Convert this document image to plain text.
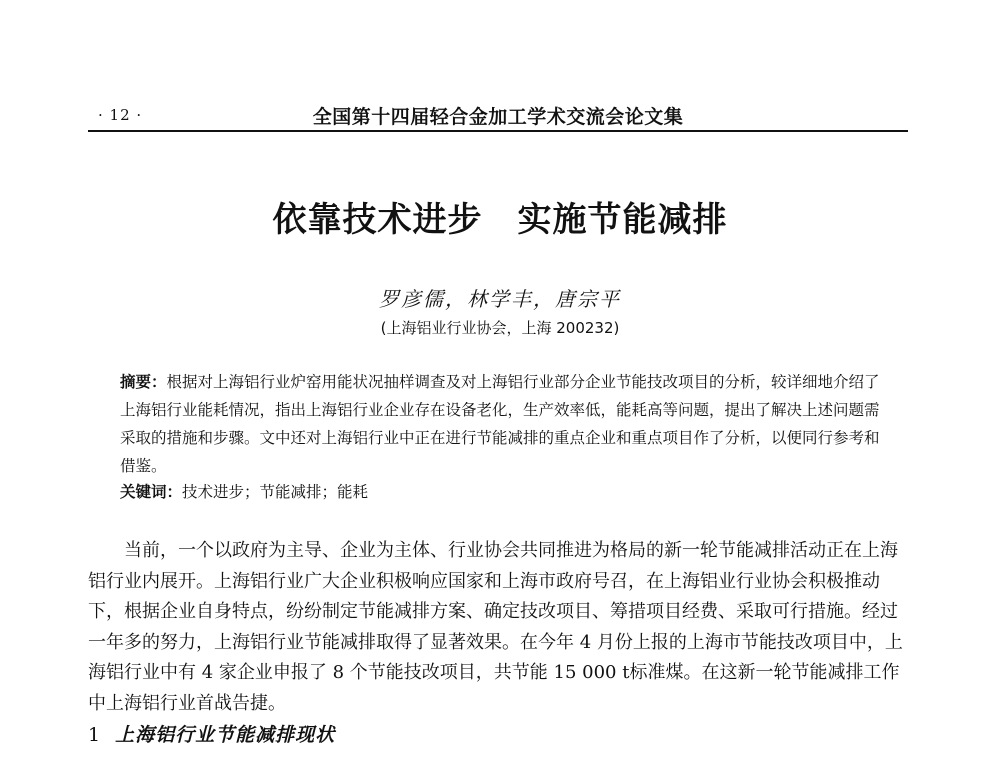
· 12 ·	全国第十四届轻合金加工学术交流会论文集
依靠技术进步　实施节能减排
罗彦儒，林学丰，唐宗平
(上海铝业行业协会，上海 200232)
摘要：根据对上海铝行业炉窑用能状况抽样调查及对上海铝行业部分企业节能技改项目的分析，较详细地介绍了上海铝行业能耗情况，指出上海铝行业企业存在设备老化，生产效率低，能耗高等问题，提出了解决上述问题需采取的措施和步骤。文中还对上海铝行业中正在进行节能减排的重点企业和重点项目作了分析，以便同行参考和借鉴。
关键词：技术进步；节能减排；能耗
当前，一个以政府为主导、企业为主体、行业协会共同推进为格局的新一轮节能减排活动正在上海铝行业内展开。上海铝行业广大企业积极响应国家和上海市政府号召，在上海铝业行业协会积极推动下，根据企业自身特点，纷纷制定节能减排方案、确定技改项目、筹措项目经费、采取可行措施。经过一年多的努力，上海铝行业节能减排取得了显著效果。在今年 4 月份上报的上海市节能技改项目中，上海铝行业中有 4 家企业申报了 8 个节能技改项目，共节能 15 000 t标准煤。在这新一轮节能减排工作中上海铝行业首战告捷。
1 上海铝行业节能减排现状
